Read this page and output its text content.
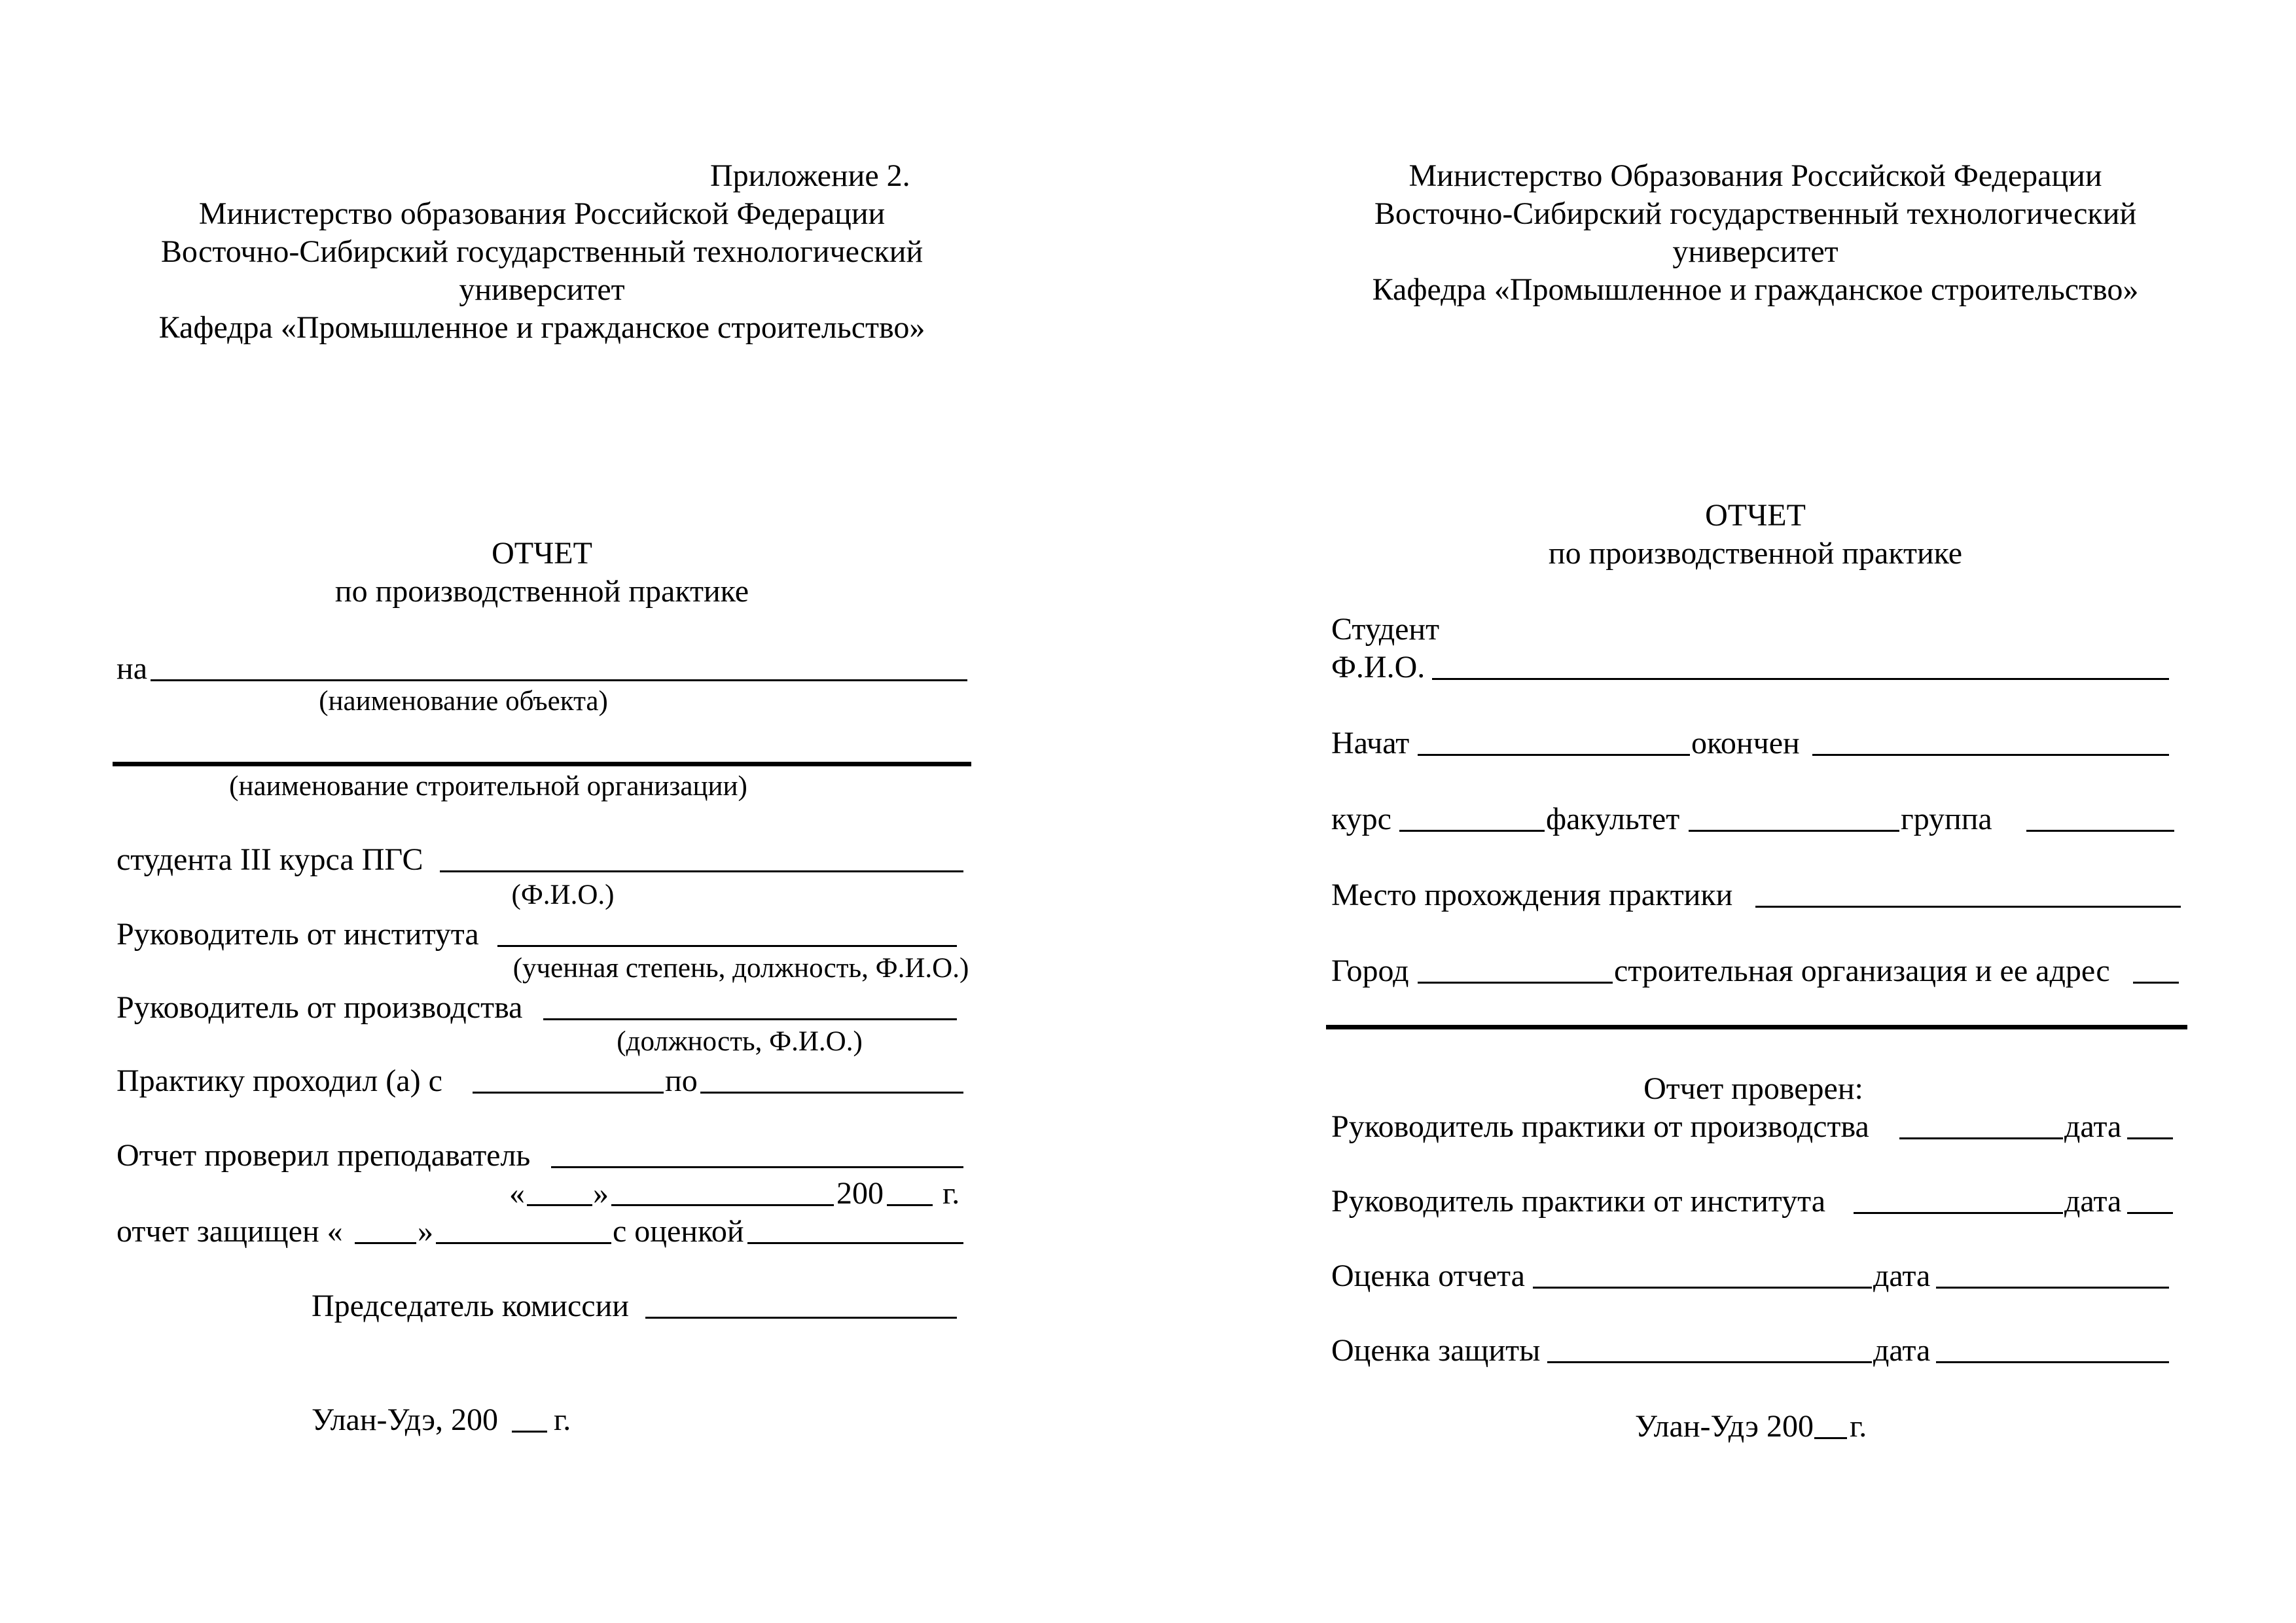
Приложение 2.
Министерство образования Российской Федерации
Восточно-Сибирский государственный технологический
университет
Кафедра «Промышленное и гражданское строительство»
ОТЧЕТ
по производственной практике
на
(наименование объекта)
(наименование строительной организации)
студента III курса ПГС
(Ф.И.О.)
Руководитель от института
(ученная степень, должность, Ф.И.О.)
Руководитель от производства
(должность, Ф.И.О.)
Практику проходил (а) с	по
Отчет проверил преподаватель
« »	200 г.
отчет защищен « »	с оценкой
Председатель комиссии
Улан-Удэ, 200 г.
Министерство Образования Российской Федерации
Восточно-Сибирский государственный технологический
университет
Кафедра «Промышленное и гражданское строительство»
ОТЧЕТ
по производственной практике
Студент
Ф.И.О.
Начат	окончен
курс	факультет	группа
Место прохождения практики
Город	строительная организация и ее адрес
Отчет проверен:
Руководитель практики от производства	дата
Руководитель практики от института	дата
Оценка отчета	дата
Оценка защиты	дата
Улан-Удэ 200 г.
